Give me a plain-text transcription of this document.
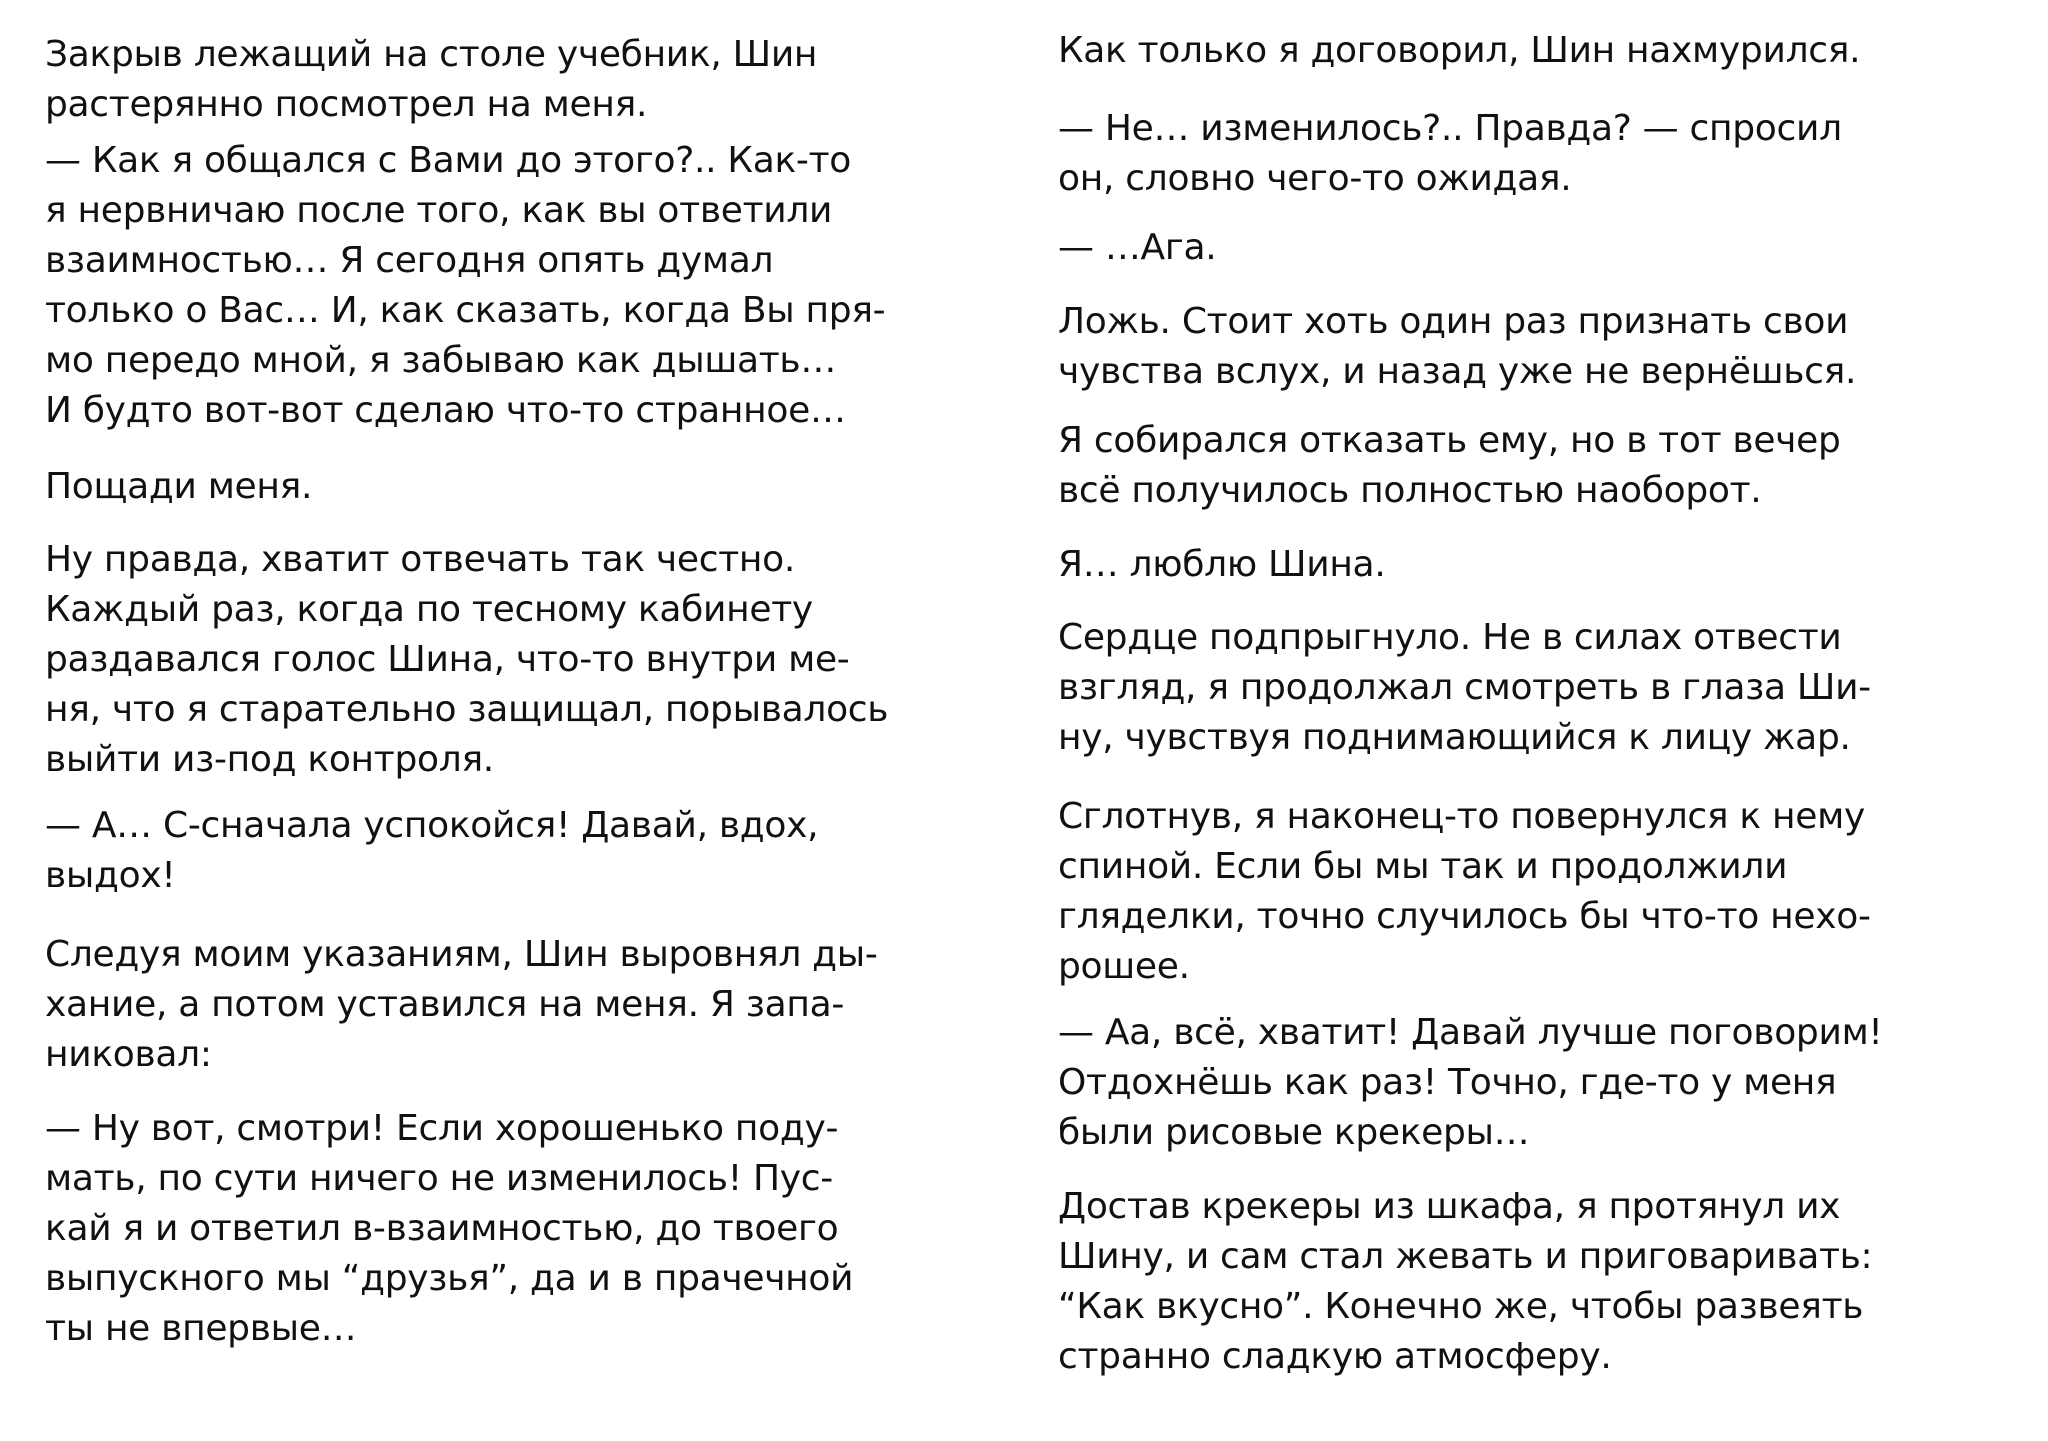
Закрыв лежащий на столе учебник, Шин
растерянно посмотрел на меня.
— Как я общался с Вами до этого?.. Как-то
я нервничаю после того, как вы ответили
взаимностью… Я сегодня опять думал
только о Вас… И, как сказать, когда Вы пря-
мо передо мной, я забываю как дышать…
И будто вот-вот сделаю что-то странное…
Пощади меня.
Ну правда, хватит отвечать так честно.
Каждый раз, когда по тесному кабинету
раздавался голос Шина, что-то внутри ме-
ня, что я старательно защищал, порывалось
выйти из-под контроля.
— А… С-сначала успокойся! Давай, вдох,
выдох!
Следуя моим указаниям, Шин выровнял ды-
хание, а потом уставился на меня. Я запа-
никовал:
— Ну вот, смотри! Если хорошенько поду-
мать, по сути ничего не изменилось! Пус-
кай я и ответил в-взаимностью, до твоего
выпускного мы “друзья”, да и в прачечной
ты не впервые…
Как только я договорил, Шин нахмурился.
— Не… изменилось?.. Правда? — спросил
он, словно чего-то ожидая.
— …Ага.
Ложь. Стоит хоть один раз признать свои
чувства вслух, и назад уже не вернёшься.
Я собирался отказать ему, но в тот вечер
всё получилось полностью наоборот.
Я… люблю Шина.
Сердце подпрыгнуло. Не в силах отвести
взгляд, я продолжал смотреть в глаза Ши-
ну, чувствуя поднимающийся к лицу жар.
Сглотнув, я наконец-то повернулся к нему
спиной. Если бы мы так и продолжили
гляделки, точно случилось бы что-то нехо-
рошее.
— Аа, всё, хватит! Давай лучше поговорим!
Отдохнёшь как раз! Точно, где-то у меня
были рисовые крекеры…
Достав крекеры из шкафа, я протянул их
Шину, и сам стал жевать и приговаривать:
“Как вкусно”. Конечно же, чтобы развеять
странно сладкую атмосферу.
